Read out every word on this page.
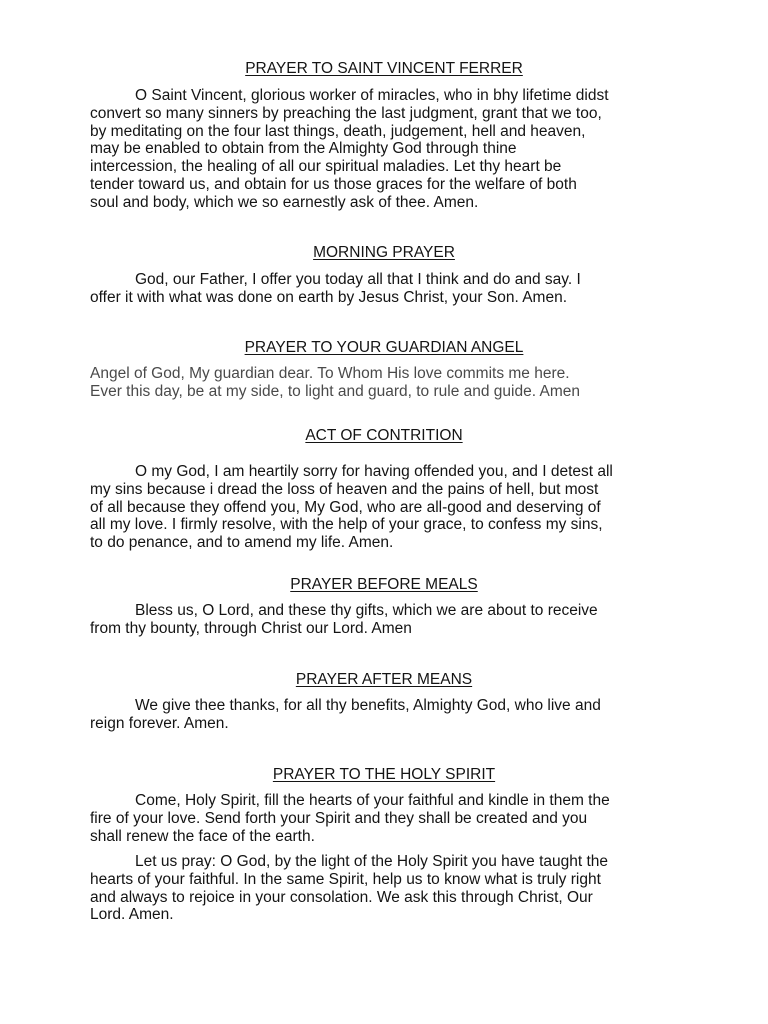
PRAYER TO SAINT VINCENT FERRER
O Saint Vincent, glorious worker of miracles, who in bhy lifetime didst
convert so many sinners by preaching the last judgment, grant that we too,
by meditating on the four last things, death, judgement, hell and heaven,
may be enabled to obtain from the Almighty God through thine
intercession, the healing of all our spiritual maladies. Let thy heart be
tender toward us, and obtain for us those graces for the welfare of both
soul and body, which we so earnestly ask of thee. Amen.
MORNING PRAYER
God, our Father, I offer you today all that I think and do and say. I
offer it with what was done on earth by Jesus Christ, your Son. Amen.
PRAYER TO YOUR GUARDIAN ANGEL
Angel of God, My guardian dear. To Whom His love commits me here.
Ever this day, be at my side, to light and guard, to rule and guide. Amen
ACT OF CONTRITION
O my God, I am heartily sorry for having offended you, and I detest all
my sins because i dread the loss of heaven and the pains of hell, but most
of all because they offend you, My God, who are all-good and deserving of
all my love. I firmly resolve, with the help of your grace, to confess my sins,
to do penance, and to amend my life. Amen.
PRAYER BEFORE MEALS
Bless us, O Lord, and these thy gifts, which we are about to receive
from thy bounty, through Christ our Lord. Amen
PRAYER AFTER MEANS
We give thee thanks, for all thy benefits, Almighty God, who live and
reign forever. Amen.
PRAYER TO THE HOLY SPIRIT
Come, Holy Spirit, fill the hearts of your faithful and kindle in them the
fire of your love. Send forth your Spirit and they shall be created and you
shall renew the face of the earth.
Let us pray: O God, by the light of the Holy Spirit you have taught the
hearts of your faithful. In the same Spirit, help us to know what is truly right
and always to rejoice in your consolation. We ask this through Christ, Our
Lord. Amen.
